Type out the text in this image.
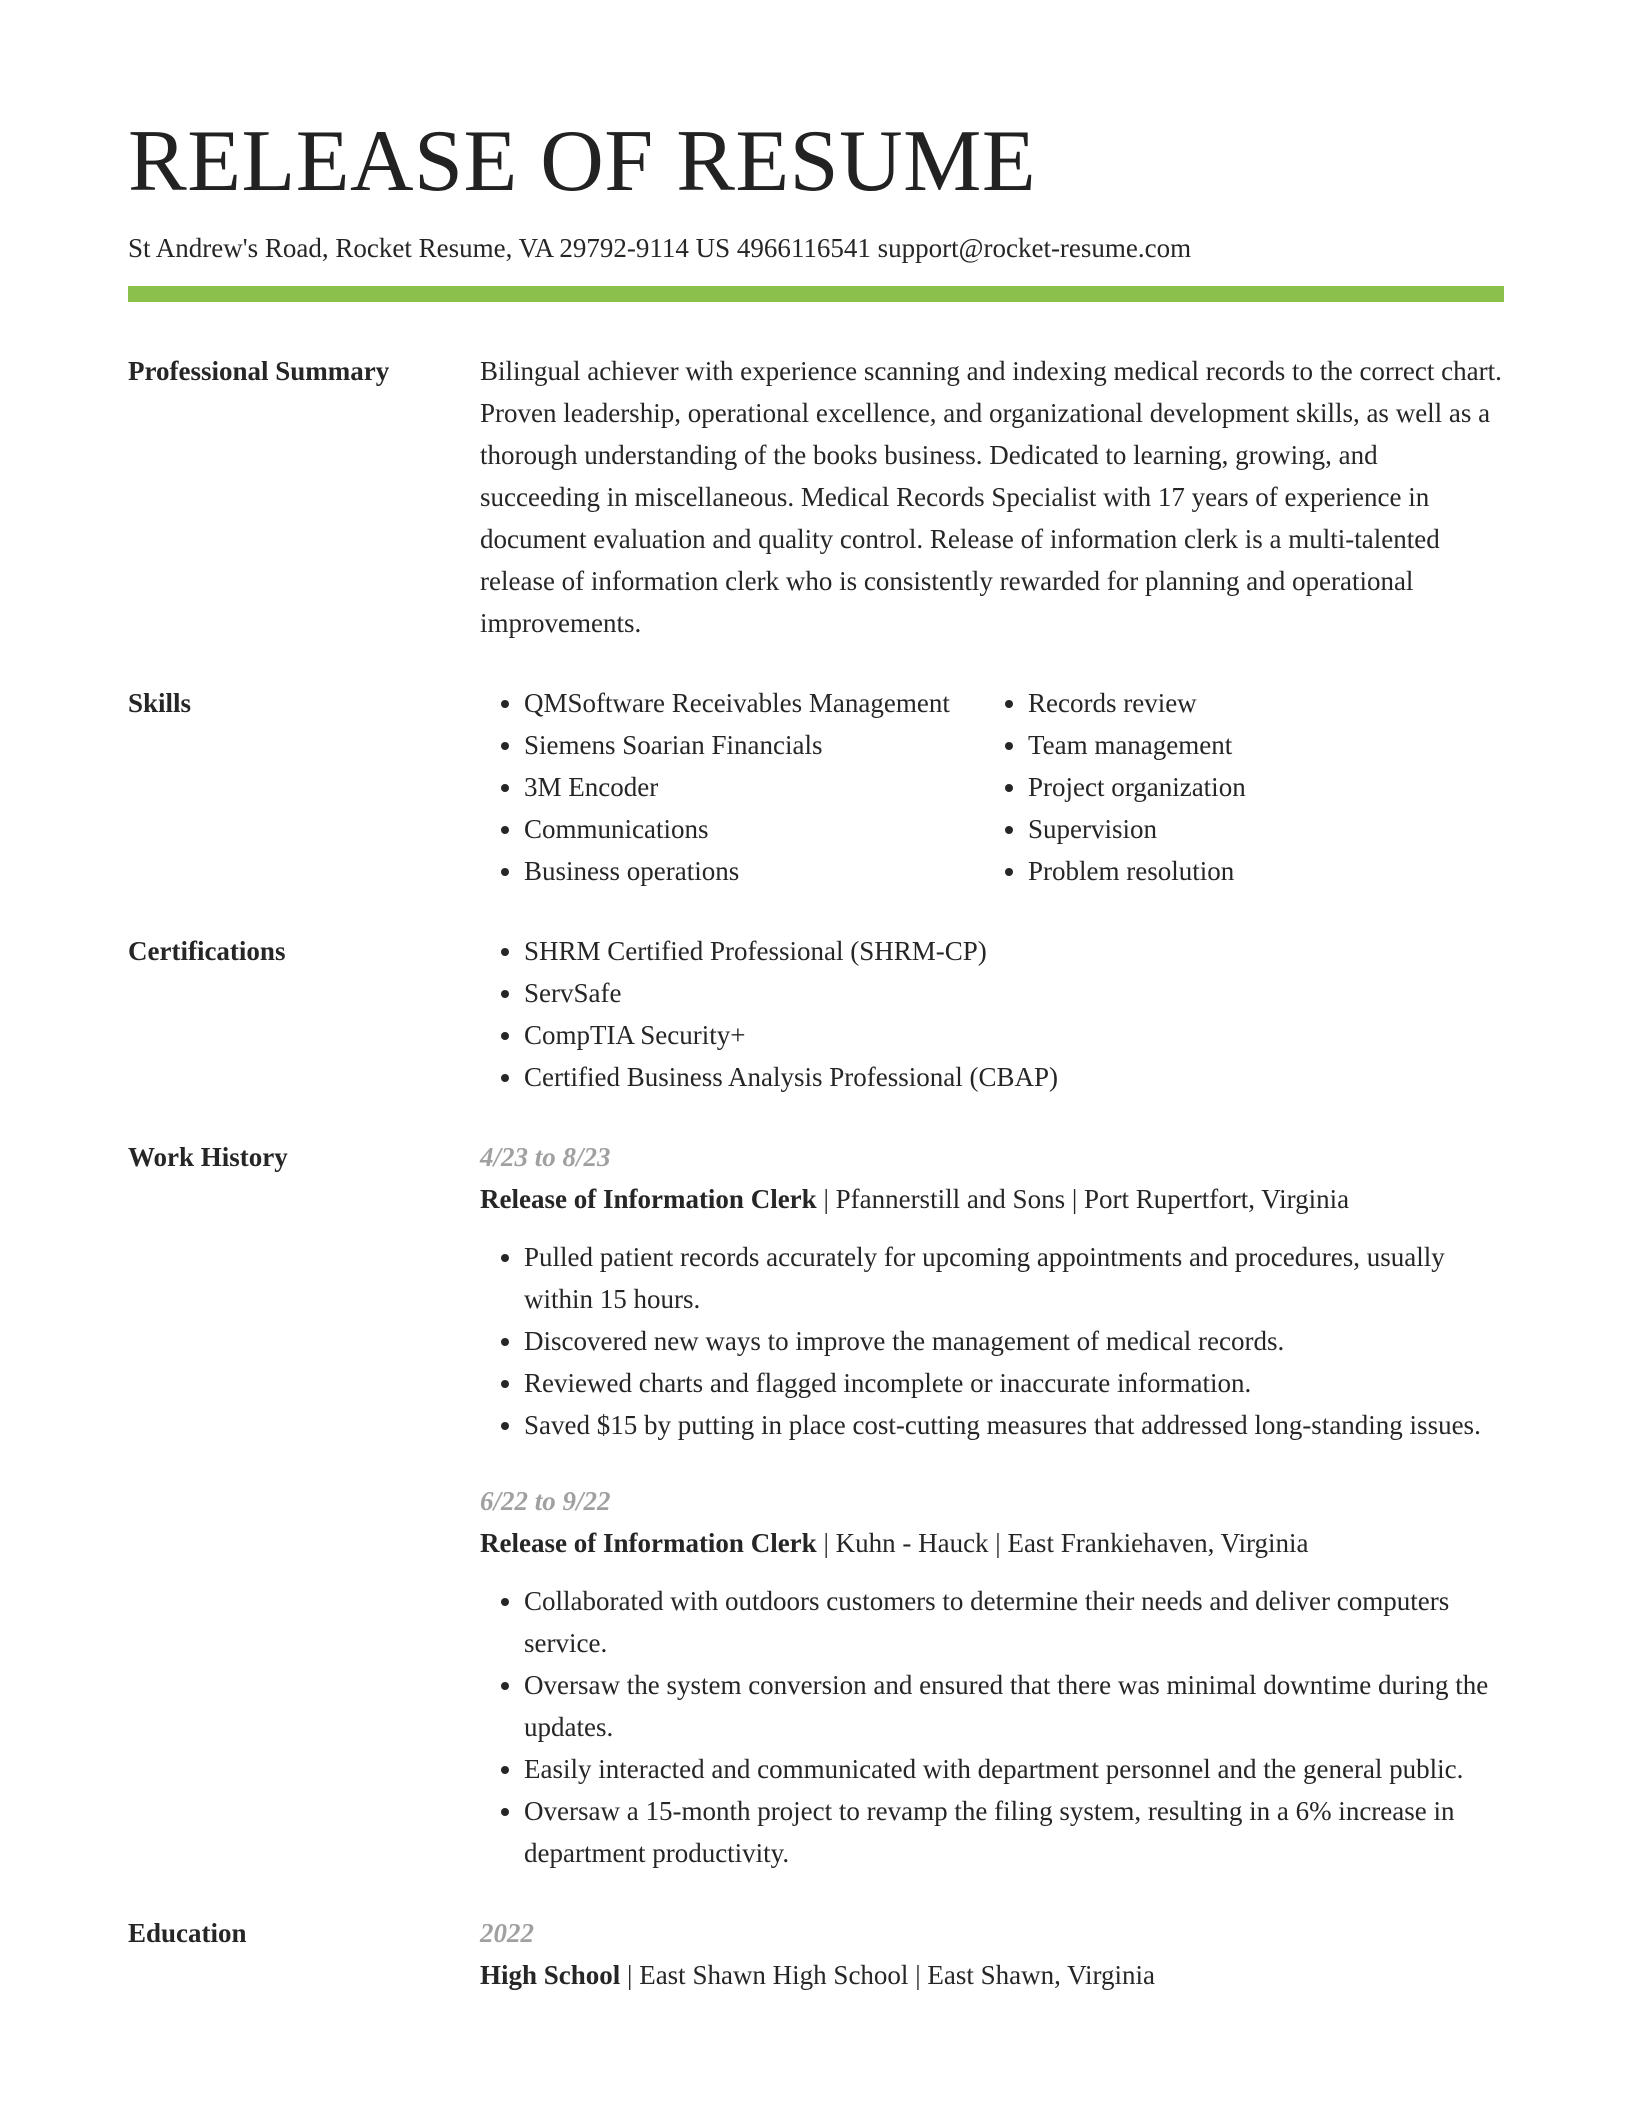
RELEASE OF RESUME
St Andrew's Road, Rocket Resume, VA 29792-9114 US 4966116541 support@rocket-resume.com
Professional Summary	Bilingual achiever with experience scanning and indexing medical records to the correct chart. Proven leadership, operational excellence, and organizational development skills, as well as a thorough understanding of the books business. Dedicated to learning, growing, and succeeding in miscellaneous. Medical Records Specialist with 17 years of experience in document evaluation and quality control. Release of information clerk is a multi-talented release of information clerk who is consistently rewarded for planning and operational improvements.

Skills	• QMSoftware Receivables Management
• Siemens Soarian Financials
• 3M Encoder
• Communications
• Business operations
• Records review
• Team management
• Project organization
• Supervision
• Problem resolution
Certifications	• SHRM Certified Professional (SHRM-CP)
• ServSafe
• CompTIA Security+
• Certified Business Analysis Professional (CBAP)
Work History	4/23 to 8/23
Release of Information Clerk | Pfannerstill and Sons | Port Rupertfort, Virginia
• Pulled patient records accurately for upcoming appointments and procedures, usually within 15 hours.
• Discovered new ways to improve the management of medical records.
• Reviewed charts and flagged incomplete or inaccurate information.
• Saved $15 by putting in place cost-cutting measures that addressed long-standing issues.
6/22 to 9/22
Release of Information Clerk | Kuhn - Hauck | East Frankiehaven, Virginia
• Collaborated with outdoors customers to determine their needs and deliver computers service.
• Oversaw the system conversion and ensured that there was minimal downtime during the updates.
• Easily interacted and communicated with department personnel and the general public.
• Oversaw a 15-month project to revamp the filing system, resulting in a 6% increase in department productivity.
Education	2022
High School | East Shawn High School | East Shawn, Virginia
